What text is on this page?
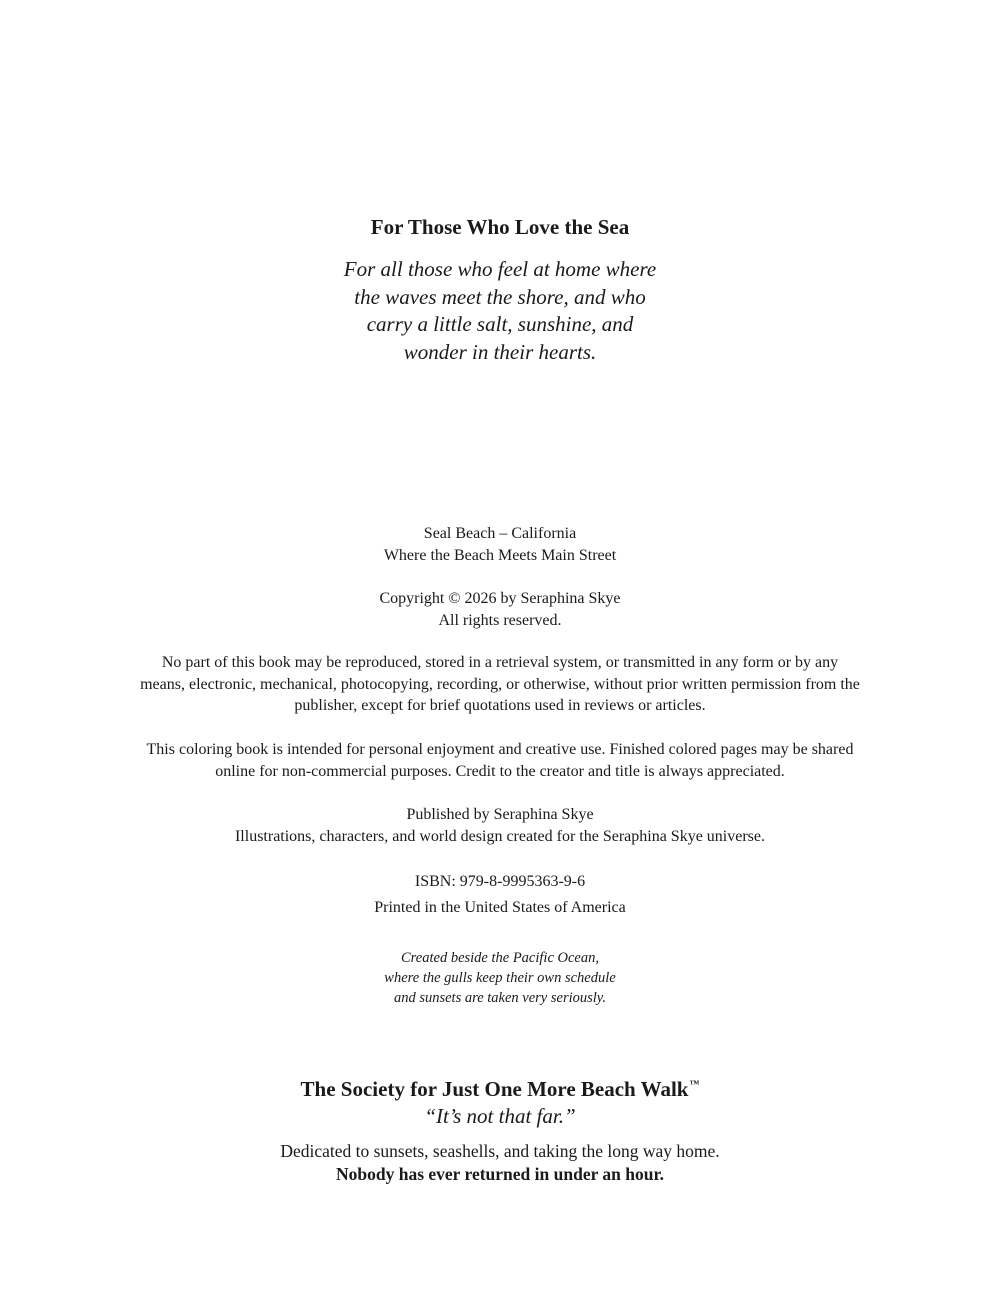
For Those Who Love the Sea
For all those who feel at home where
the waves meet the shore, and who
carry a little salt, sunshine, and
wonder in their hearts.
Seal Beach – California
Where the Beach Meets Main Street
Copyright © 2026 by Seraphina Skye
All rights reserved.
No part of this book may be reproduced, stored in a retrieval system, or transmitted in any form or by any
means, electronic, mechanical, photocopying, recording, or otherwise, without prior written permission from the
publisher, except for brief quotations used in reviews or articles.
This coloring book is intended for personal enjoyment and creative use. Finished colored pages may be shared
online for non-commercial purposes. Credit to the creator and title is always appreciated.
Published by Seraphina Skye
Illustrations, characters, and world design created for the Seraphina Skye universe.
ISBN: 979-8-9995363-9-6
Printed in the United States of America
Created beside the Pacific Ocean,
where the gulls keep their own schedule
and sunsets are taken very seriously.
The Society for Just One More Beach Walk™
“It’s not that far.”
Dedicated to sunsets, seashells, and taking the long way home.
Nobody has ever returned in under an hour.
